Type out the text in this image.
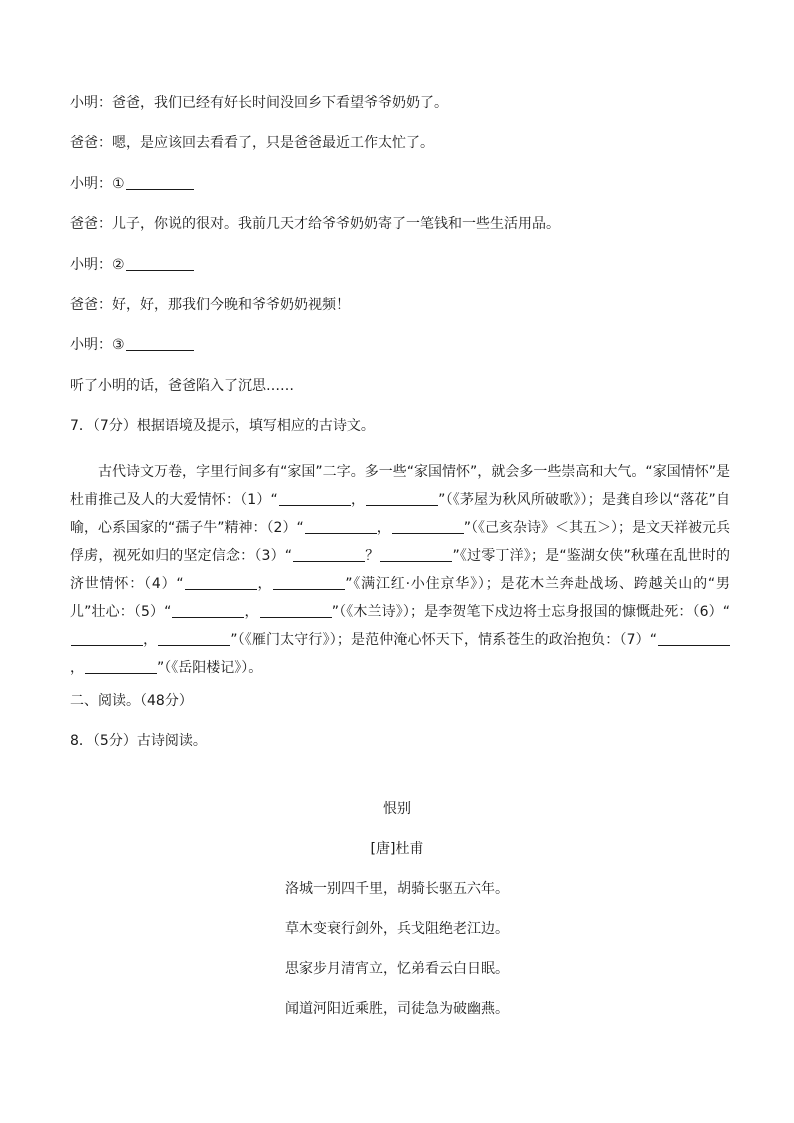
小明：爸爸，我们已经有好长时间没回乡下看望爷爷奶奶了。
爸爸：嗯，是应该回去看看了，只是爸爸最近工作太忙了。
小明：①
爸爸：儿子，你说的很对。我前几天才给爷爷奶奶寄了一笔钱和一些生活用品。
小明：②
爸爸：好，好，那我们今晚和爷爷奶奶视频！
小明：③
听了小明的话，爸爸陷入了沉思……
7．（7分）根据语境及提示，填写相应的古诗文。

古代诗文万卷，字里行间多有“家国”二字。多一些“家国情怀”，就会多一些崇高和大气。“家国情怀”是杜甫推己及人的大爱情怀：（1）“	，	”（《茅屋为秋风所破歌》）；是龚自珍以“落花”自喻，心系国家的“孺子牛”精神：（2）“	，	”（《己亥杂诗》＜其五＞）；是文天祥被元兵俘虏，视死如归的坚定信念：（3）“	？	”《过零丁洋》；是“鉴湖女侠”秋瑾在乱世时的济世情怀：（4）“	，	”《满江红·小住京华》）；是花木兰奔赴战场、跨越关山的“男儿”壮心：（5）“	，	”（《木兰诗》）；是李贺笔下戍边将士忘身报国的慷慨赴死：（6）“，	”（《雁门太守行》）；是范仲淹心怀天下，情系苍生的政治抱负：（7）“，	”（《岳阳楼记》）。

二、阅读。（48分）
8．（5分）古诗阅读。
恨别
[唐]杜甫
洛城一别四千里，胡骑长驱五六年。
草木变衰行剑外，兵戈阻绝老江边。
思家步月清宵立，忆弟看云白日眠。
闻道河阳近乘胜，司徒急为破幽燕。
